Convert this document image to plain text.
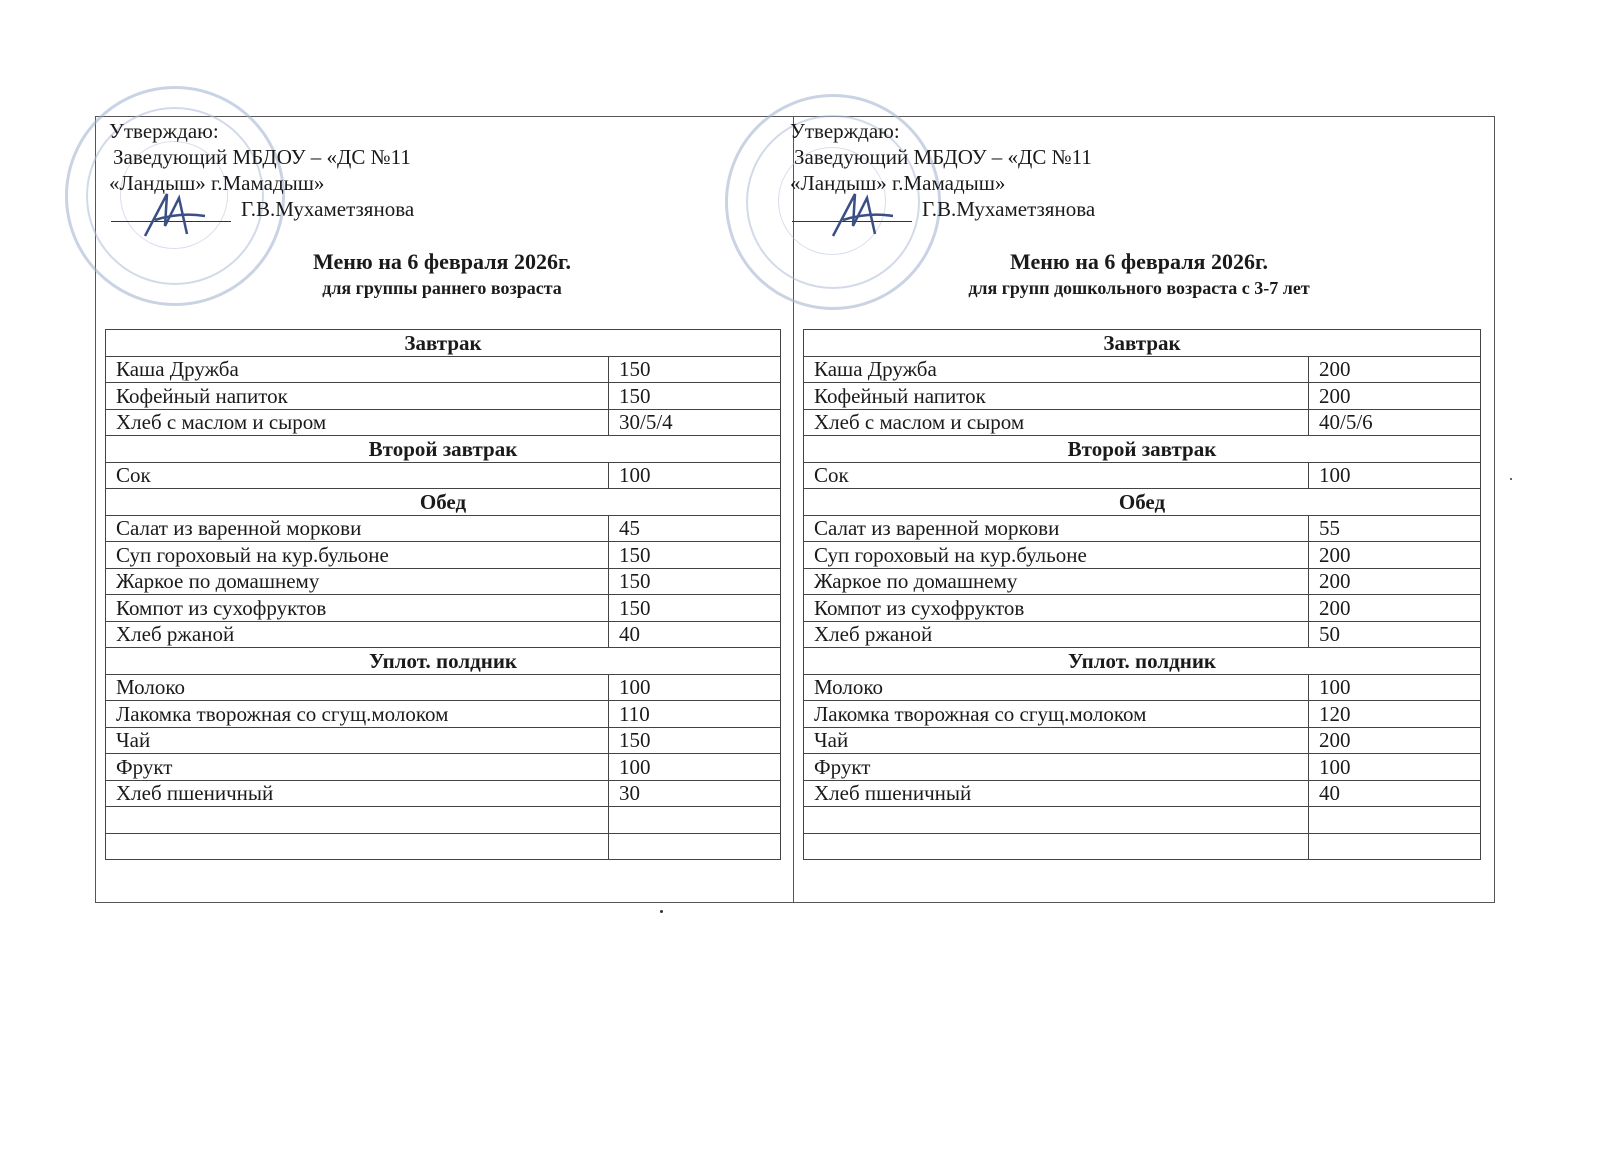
Утверждаю:
Заведующий МБДОУ – «ДС №11
«Ландыш» г.Мамадыш»
Г.В.Мухаметзянова
Меню на 6 февраля 2026г.
для группы раннего возраста
Завтрак	
Каша Дружба	150
Кофейный напиток	150
Хлеб с маслом и сыром	30/5/4
Второй завтрак	
Сок	100
Обед	
Салат из варенной моркови	45
Суп гороховый на кур.бульоне	150
Жаркое по домашнему	150
Компот из сухофруктов	150
Хлеб ржаной	40
Уплот. полдник	
Молоко	100
Лакомка творожная со сгущ.молоком	110
Чай	150
Фрукт	100
Хлеб пшеничный	30

Утверждаю:
Заведующий МБДОУ – «ДС №11
«Ландыш» г.Мамадыш»
Г.В.Мухаметзянова
Меню на 6 февраля 2026г.
для групп дошкольного возраста с 3-7 лет
Завтрак	
Каша Дружба	200
Кофейный напиток	200
Хлеб с маслом и сыром	40/5/6
Второй завтрак	
Сок	100
Обед	
Салат из варенной моркови	55
Суп гороховый на кур.бульоне	200
Жаркое по домашнему	200
Компот из сухофруктов	200
Хлеб ржаной	50
Уплот. полдник	
Молоко	100
Лакомка творожная со сгущ.молоком	120
Чай	200
Фрукт	100
Хлеб пшеничный	40
